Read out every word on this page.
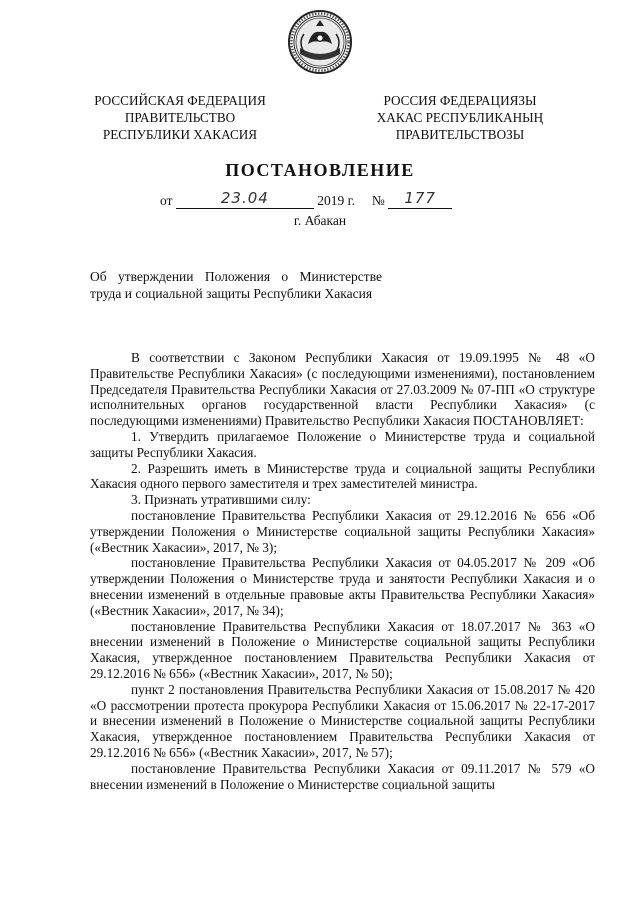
РОССИЙСКАЯ ФЕДЕРАЦИЯ
ПРАВИТЕЛЬСТВО
РЕСПУБЛИКИ ХАКАСИЯ
РОССИЯ ФЕДЕРАЦИЯЗЫ
ХАКАС РЕСПУБЛИКАНЫҢ
ПРАВИТЕЛЬСТВОЗЫ
ПОСТАНОВЛЕНИЕ
от	23.04	2019 г. № 177
г. Абакан
Об утверждении Положения о Министерстве труда и социальной защиты Республики Хакасия

В соответствии с Законом Республики Хакасия от 19.09.1995 № 48 «О Правительстве Республики Хакасия» (с последующими изменениями), постановлением Председателя Правительства Республики Хакасия от 27.03.2009 № 07-ПП «О структуре исполнительных органов государственной власти Республики Хакасия» (с последующими изменениями) Правительство Республики Хакасия ПОСТАНОВЛЯЕТ:

1. Утвердить прилагаемое Положение о Министерстве труда и социальной защиты Республики Хакасия.

2. Разрешить иметь в Министерстве труда и социальной защиты Республики Хакасия одного первого заместителя и трех заместителей министра.

3. Признать утратившими силу:

постановление Правительства Республики Хакасия от 29.12.2016 № 656 «Об утверждении Положения о Министерстве социальной защиты Республики Хакасия» («Вестник Хакасии», 2017, № 3);

постановление Правительства Республики Хакасия от 04.05.2017 № 209 «Об утверждении Положения о Министерстве труда и занятости Республики Хакасия и о внесении изменений в отдельные правовые акты Правительства Республики Хакасия» («Вестник Хакасии», 2017, № 34);

постановление Правительства Республики Хакасия от 18.07.2017 № 363 «О внесении изменений в Положение о Министерстве социальной защиты Республики Хакасия, утвержденное постановлением Правительства Республики Хакасия от 29.12.2016 № 656» («Вестник Хакасии», 2017, № 50);

пункт 2 постановления Правительства Республики Хакасия от 15.08.2017 № 420 «О рассмотрении протеста прокурора Республики Хакасия от 15.06.2017 № 22-17-2017 и внесении изменений в Положение о Министерстве социальной защиты Республики Хакасия, утвержденное постановлением Правительства Республики Хакасия от 29.12.2016 № 656» («Вестник Хакасии», 2017, № 57);

постановление Правительства Республики Хакасия от 09.11.2017 № 579 «О внесении изменений в Положение о Министерстве социальной защиты
